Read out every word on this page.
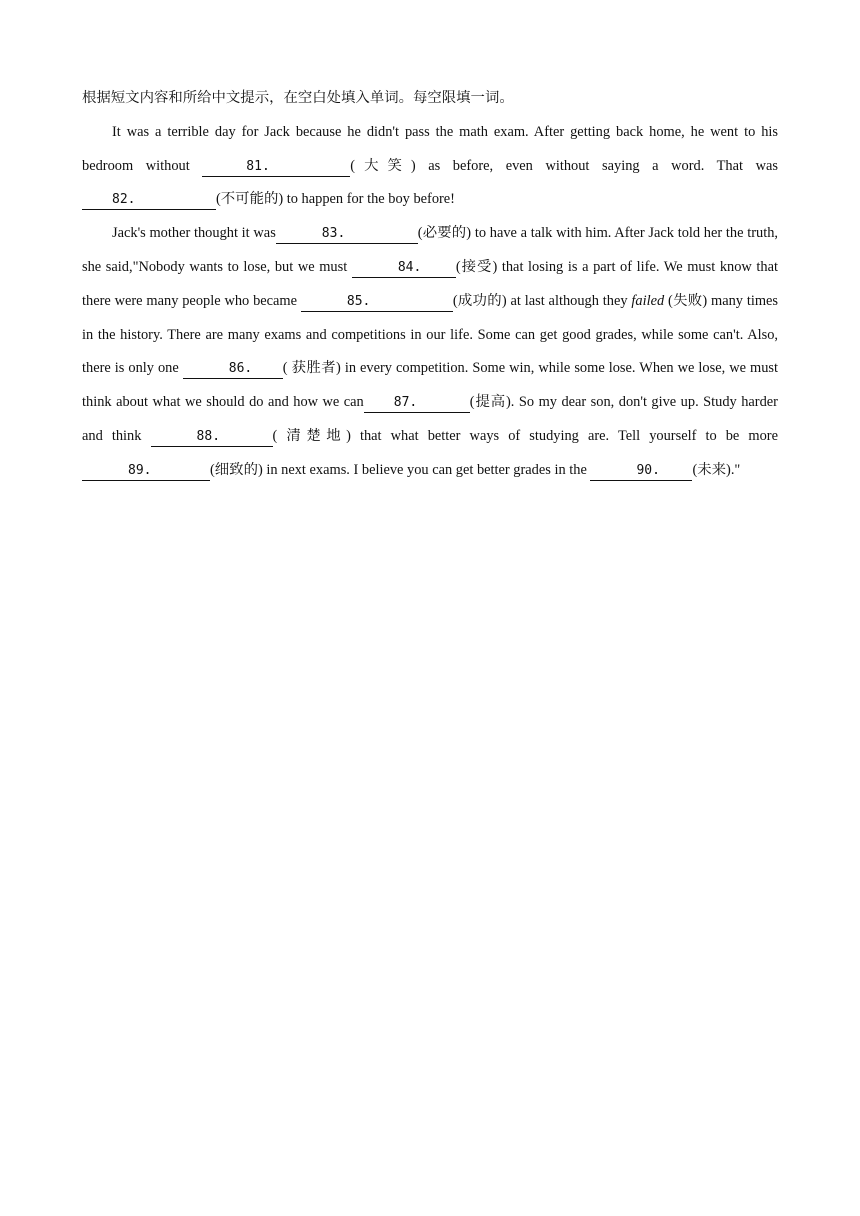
根据短文内容和所给中文提示，在空白处填入单词。每空限填一词。

It was a terrible day for Jack because he didn't pass the math exam. After getting back home, he went to his bedroom without	81.	(大笑) as before, even without saying a word. That was 82.	(不可能的) to happen for the boy before!

Jack's mother thought it was	83.	(必要的) to have a talk with him. After Jack told her the truth, she said,"Nobody wants to lose, but we must	84. (接受) that losing is a part of life. We must know that there were many people who became	85.	(成功的) at last although they failed (失败) many times in the history. There are many exams and competitions in our life. Some can get good grades, while some can't. Also, there is only one	86. ( 获胜者) in every competition. Some win, while some lose. When we lose, we must think about what we should do and how we can 87.	(提高). So my dear son, don't give up. Study harder and think	88.	( 清楚地) that what better ways of studying are. Tell yourself to be more 89.	(细致的) in next exams. I believe you can get better grades in the	90. (未来)."
